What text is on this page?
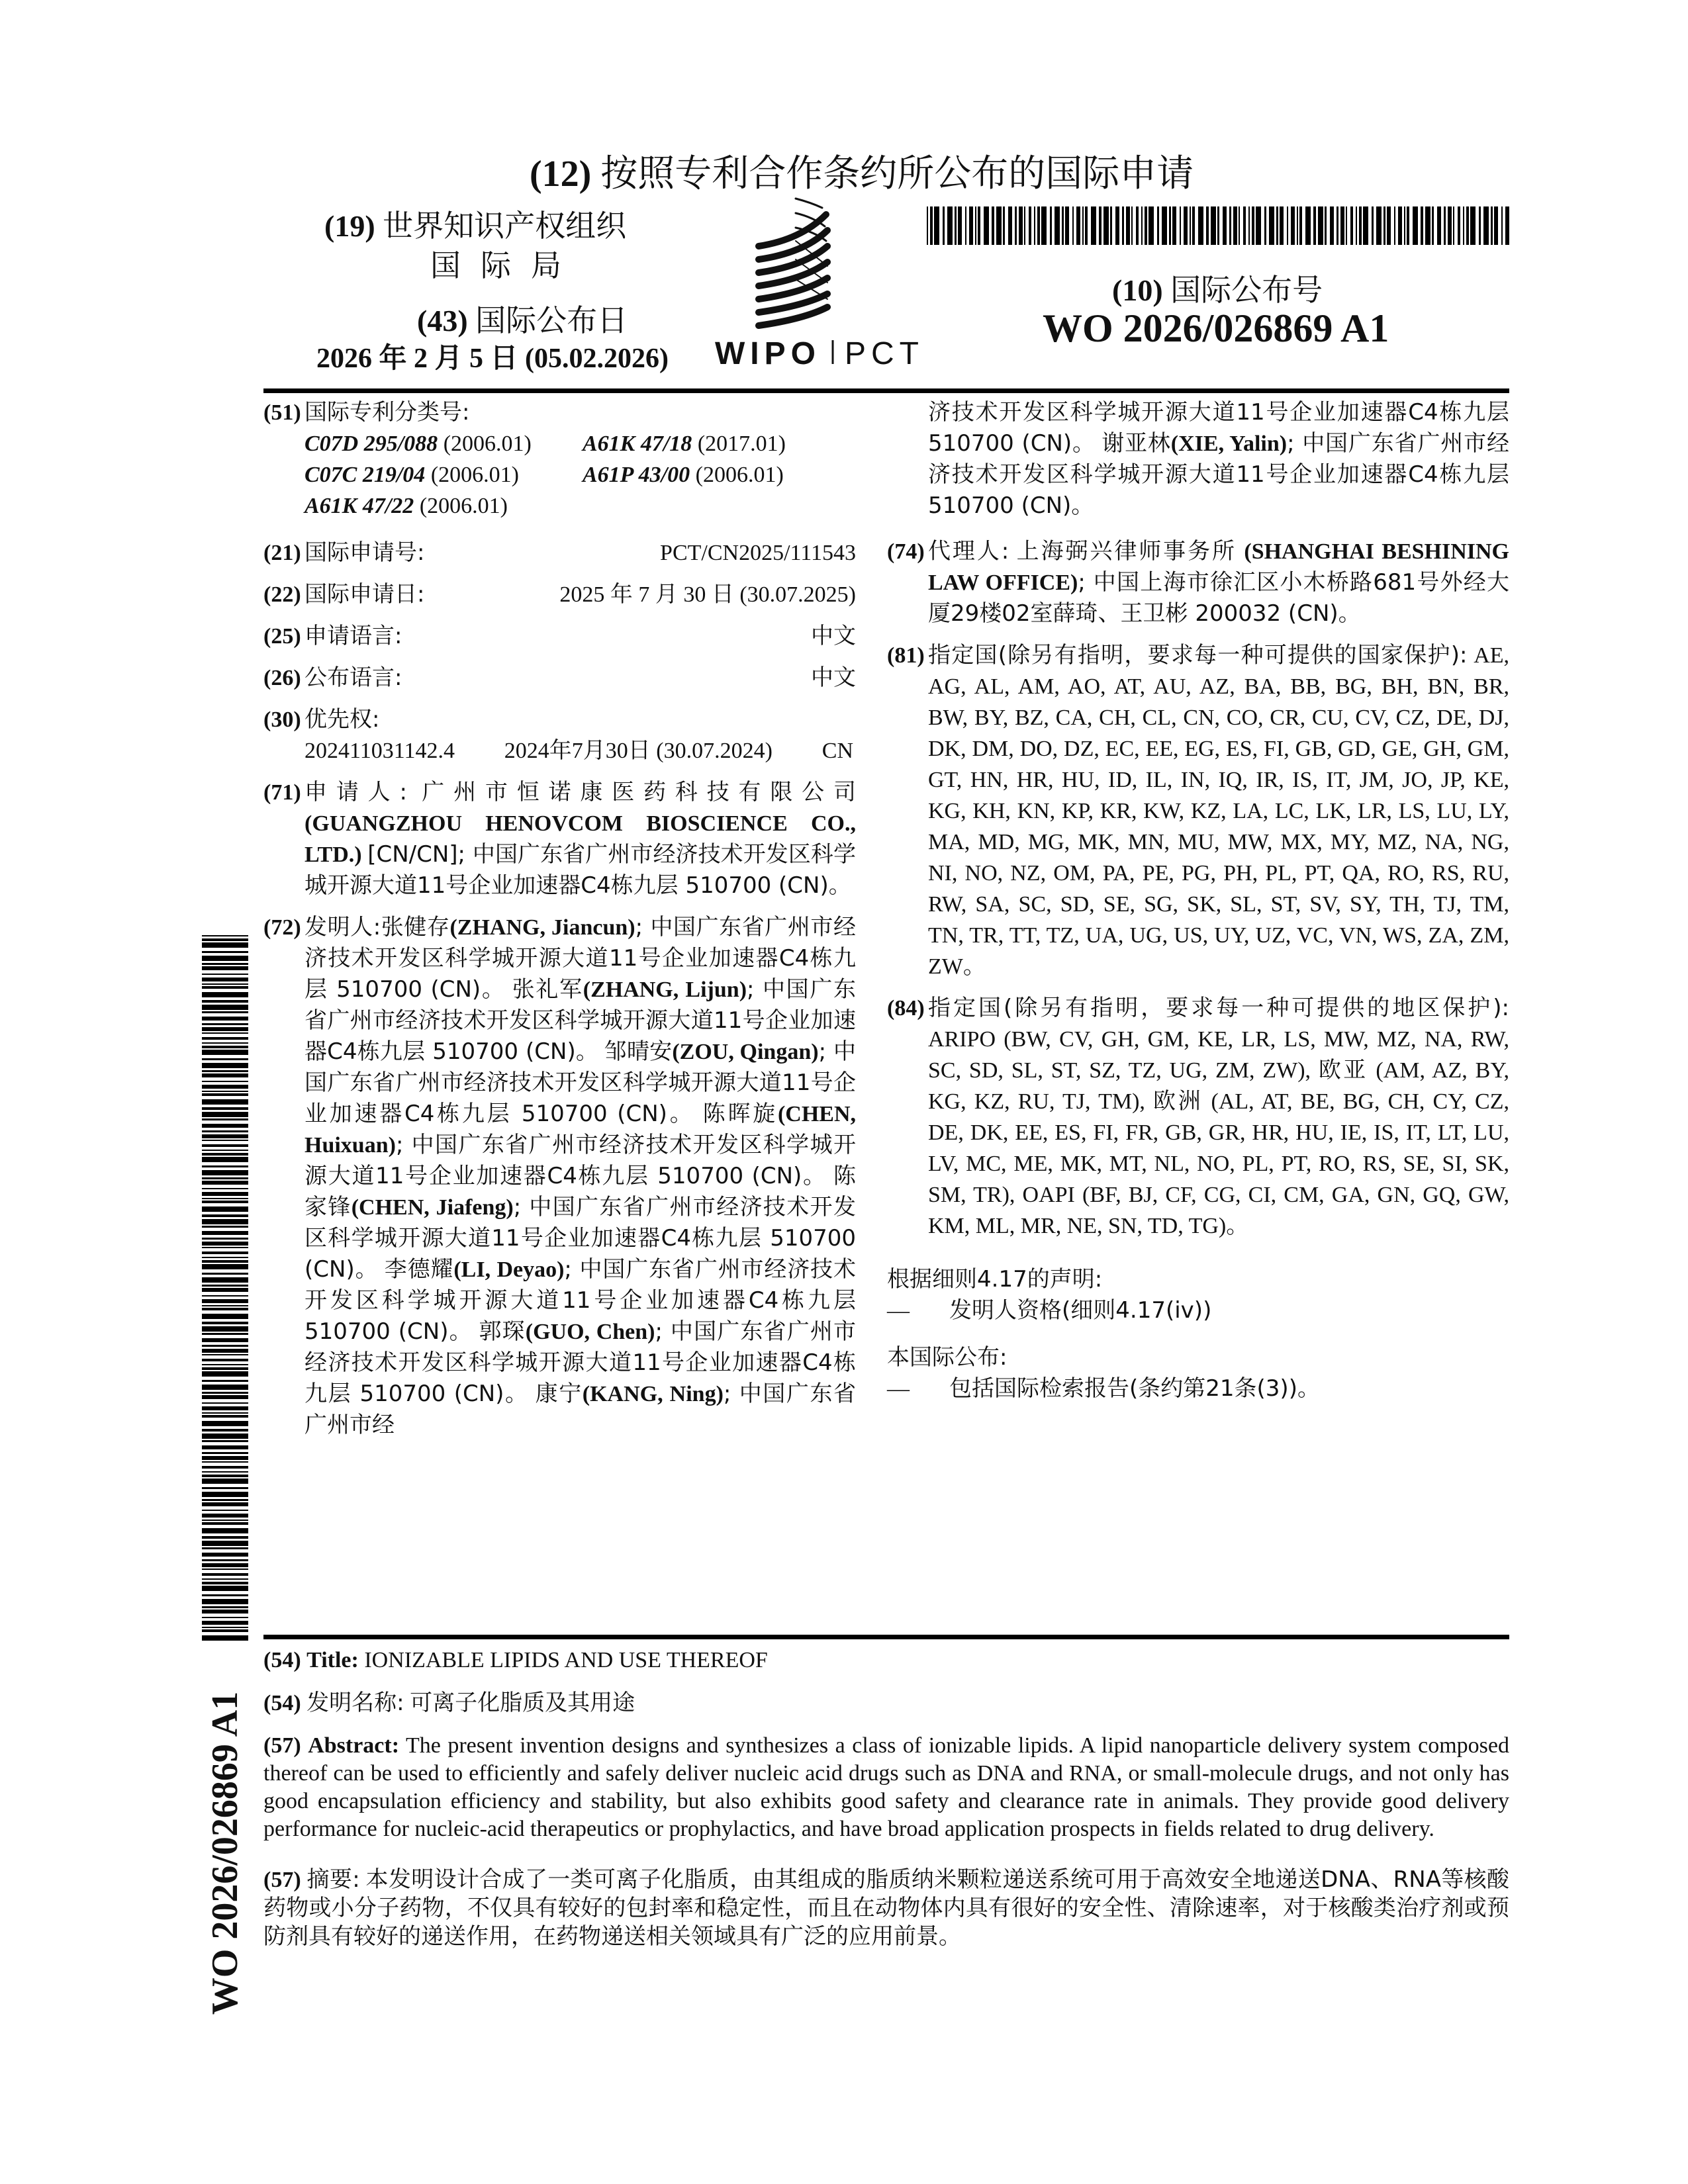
(12) 按照专利合作条约所公布的国际申请
(19) 世界知识产权组织
国际局
(43) 国际公布日
2026 年 2 月 5 日 (05.02.2026) WIPO PCT
(10) 国际公布号
WO 2026/026869 A1
WO 2026/026869 A1
(51) 国际专利分类号:
C07D 295/088 (2006.01)	A61K 47/18 (2017.01)
C07C 219/04 (2006.01)	A61P 43/00 (2006.01)
A61K 47/22 (2006.01)
(21) 国际申请号:	PCT/CN2025/111543
(22) 国际申请日:	2025 年 7 月 30 日 (30.07.2025)
(25) 申请语言:	中文
(26) 公布语言:	中文
(30) 优先权:
202411031142.4 2024年7月30日 (30.07.2024) CN
(71) 申请人: 广州市恒诺康医药科技有限公司 (GUANGZHOU HENOVCOM BIOSCIENCE CO., LTD.) [CN/CN]; 中国广东省广州市经济技术开发区科学城开源大道11号企业加速器C4栋九层 510700 (CN)。
(72) 发明人:张健存(ZHANG, Jiancun); 中国广东省广州市经济技术开发区科学城开源大道11号企业加速器C4栋九层 510700 (CN)。 张礼军(ZHANG, Lijun); 中国广东省广州市经济技术开发区科学城开源大道11号企业加速器C4栋九层 510700 (CN)。 邹晴安(ZOU, Qingan); 中国广东省广州市经济技术开发区科学城开源大道11号企业加速器C4栋九层 510700 (CN)。 陈晖旋(CHEN, Huixuan); 中国广东省广州市经济技术开发区科学城开源大道11号企业加速器C4栋九层 510700 (CN)。 陈家锋(CHEN, Jiafeng); 中国广东省广州市经济技术开发区科学城开源大道11号企业加速器C4栋九层 510700 (CN)。 李德耀(LI, Deyao); 中国广东省广州市经济技术开发区科学城开源大道11号企业加速器C4栋九层 510700 (CN)。 郭琛(GUO, Chen); 中国广东省广州市经济技术开发区科学城开源大道11号企业加速器C4栋九层 510700 (CN)。 康宁(KANG, Ning); 中国广东省广州市经
济技术开发区科学城开源大道11号企业加速器C4栋九层 510700 (CN)。 谢亚林(XIE, Yalin); 中国广东省广州市经济技术开发区科学城开源大道11号企业加速器C4栋九层 510700 (CN)。
(74) 代理人: 上海弼兴律师事务所 (SHANGHAI BESHINING LAW OFFICE); 中国上海市徐汇区小木桥路681号外经大厦29楼02室薛琦、王卫彬 200032 (CN)。
(81) 指定国(除另有指明，要求每一种可提供的国家保护): AE, AG, AL, AM, AO, AT, AU, AZ, BA, BB, BG, BH, BN, BR, BW, BY, BZ, CA, CH, CL, CN, CO, CR, CU, CV, CZ, DE, DJ, DK, DM, DO, DZ, EC, EE, EG, ES, FI, GB, GD, GE, GH, GM, GT, HN, HR, HU, ID, IL, IN, IQ, IR, IS, IT, JM, JO, JP, KE, KG, KH, KN, KP, KR, KW, KZ, LA, LC, LK, LR, LS, LU, LY, MA, MD, MG, MK, MN, MU, MW, MX, MY, MZ, NA, NG, NI, NO, NZ, OM, PA, PE, PG, PH, PL, PT, QA, RO, RS, RU, RW, SA, SC, SD, SE, SG, SK, SL, ST, SV, SY, TH, TJ, TM, TN, TR, TT, TZ, UA, UG, US, UY, UZ, VC, VN, WS, ZA, ZM, ZW。
(84) 指定国(除另有指明，要求每一种可提供的地区保护): ARIPO (BW, CV, GH, GM, KE, LR, LS, MW, MZ, NA, RW, SC, SD, SL, ST, SZ, TZ, UG, ZM, ZW), 欧亚 (AM, AZ, BY, KG, KZ, RU, TJ, TM), 欧洲 (AL, AT, BE, BG, CH, CY, CZ, DE, DK, EE, ES, FI, FR, GB, GR, HR, HU, IE, IS, IT, LT, LU, LV, MC, ME, MK, MT, NL, NO, PL, PT, RO, RS, SE, SI, SK, SM, TR), OAPI (BF, BJ, CF, CG, CI, CM, GA, GN, GQ, GW, KM, ML, MR, NE, SN, TD, TG)。
根据细则4.17的声明:
— 发明人资格(细则4.17(iv))
本国际公布:
— 包括国际检索报告(条约第21条(3))。
(54) Title: IONIZABLE LIPIDS AND USE THEREOF
(54) 发明名称: 可离子化脂质及其用途
(57) Abstract: The present invention designs and synthesizes a class of ionizable lipids. A lipid nanoparticle delivery system composed thereof can be used to efficiently and safely deliver nucleic acid drugs such as DNA and RNA, or small-molecule drugs, and not only has good encapsulation efficiency and stability, but also exhibits good safety and clearance rate in animals. They provide good delivery performance for nucleic-acid therapeutics or prophylactics, and have broad application prospects in fields related to drug delivery.
(57) 摘要: 本发明设计合成了一类可离子化脂质，由其组成的脂质纳米颗粒递送系统可用于高效安全地递送DNA、RNA等核酸药物或小分子药物，不仅具有较好的包封率和稳定性，而且在动物体内具有很好的安全性、清除速率，对于核酸类治疗剂或预防剂具有较好的递送作用，在药物递送相关领域具有广泛的应用前景。
